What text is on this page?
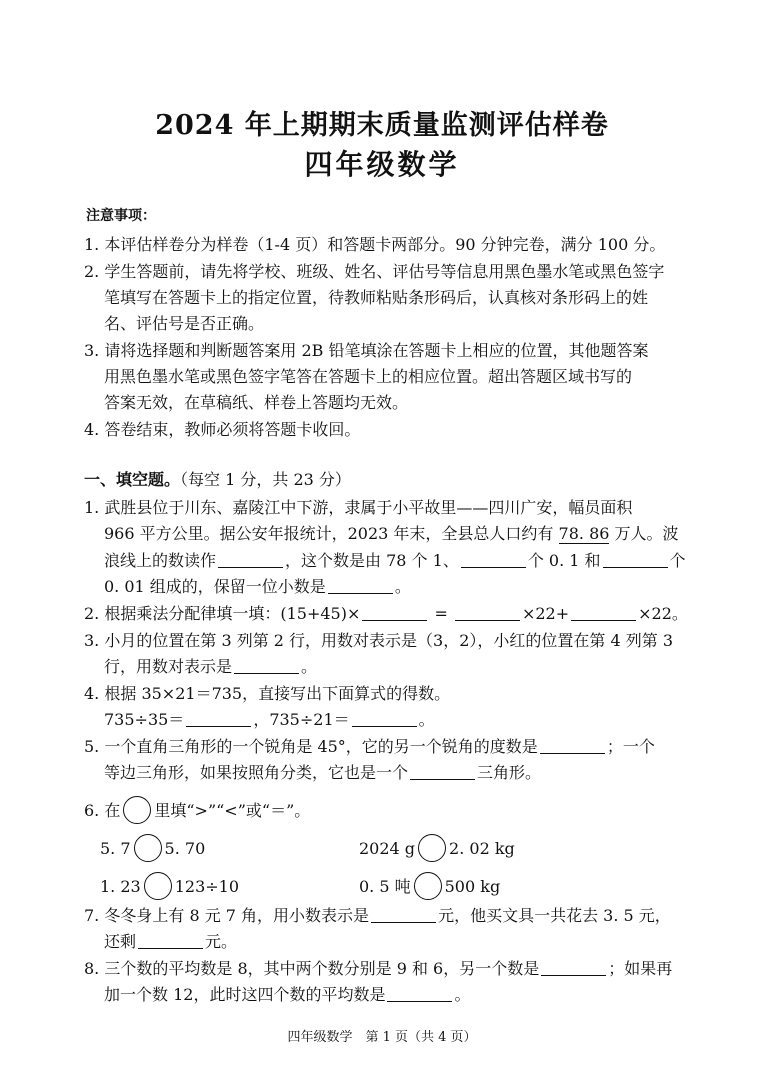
2024 年上期期末质量监测评估样卷
四年级数学
注意事项：
1. 本评估样卷分为样卷（1-4 页）和答题卡两部分。90 分钟完卷，满分 100 分。
2. 学生答题前，请先将学校、班级、姓名、评估号等信息用黑色墨水笔或黑色签字
笔填写在答题卡上的指定位置，待教师粘贴条形码后，认真核对条形码上的姓
名、评估号是否正确。
3. 请将选择题和判断题答案用 2B 铅笔填涂在答题卡上相应的位置，其他题答案
用黑色墨水笔或黑色签字笔答在答题卡上的相应位置。超出答题区域书写的
答案无效，在草稿纸、样卷上答题均无效。
4. 答卷结束，教师必须将答题卡收回。
一、填空题。（每空 1 分，共 23 分）
1. 武胜县位于川东、嘉陵江中下游，隶属于小平故里——四川广安，幅员面积
966 平方公里。据公安年报统计，2023 年末，全县总人口约有 78. 86 万人。波
浪线上的数读作	，这个数是由 78 个 1、	个 0. 1 和	个
0. 01 组成的，保留一位小数是	。
2. 根据乘法分配律填一填：(15+45)×	=	×22+	×22。
3. 小月的位置在第 3 列第 2 行，用数对表示是（3，2），小红的位置在第 4 列第 3
行，用数对表示是	。
4. 根据 35×21＝735，直接写出下面算式的得数。
735÷35＝	，735÷21＝	。
5. 一个直角三角形的一个锐角是 45°，它的另一个锐角的度数是	；一个
等边三角形，如果按照角分类，它也是一个	三角形。
6. 在 里填“>”“<”或“＝”。
5. 7 5. 70	2024 g 2. 02 kg
1. 23 123÷10	0. 5 吨 500 kg
7. 冬冬身上有 8 元 7 角，用小数表示是	元，他买文具一共花去 3. 5 元，
还剩	元。
8. 三个数的平均数是 8，其中两个数分别是 9 和 6，另一个数是	；如果再
加一个数 12，此时这四个数的平均数是	。
四年级数学　第 1 页（共 4 页）
